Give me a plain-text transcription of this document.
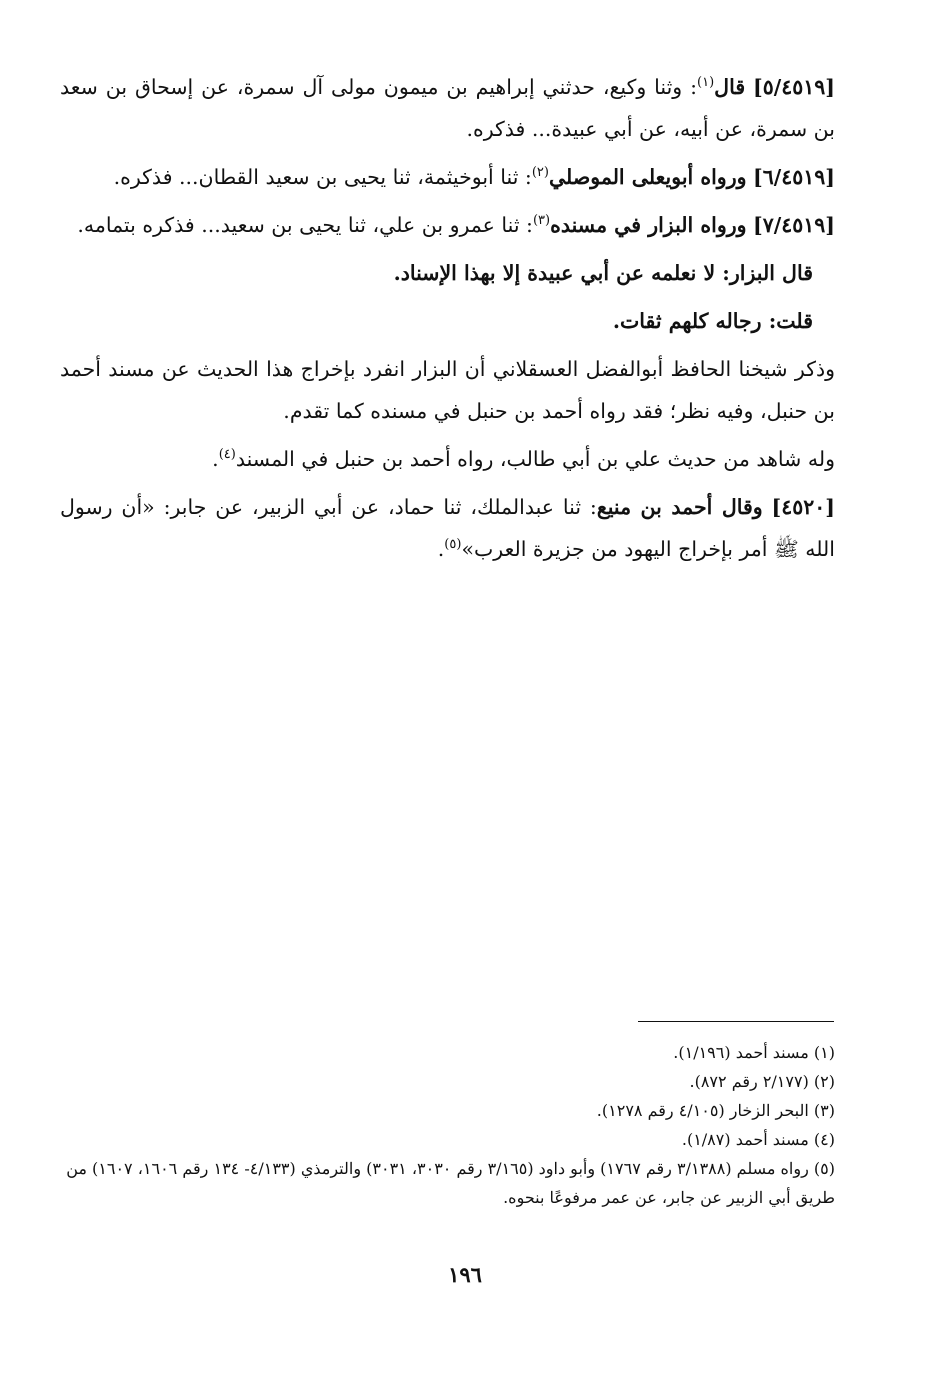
[٥/٤٥١٩] قال$^{(١)}$: وثنا وكيع، حدثني إبراهيم بن ميمون مولى آل سمرة، عن إسحاق بن سعد بن سمرة، عن أبيه، عن أبي عبيدة... فذكره.

[٦/٤٥١٩] ورواه أبويعلى الموصلي$^{(٢)}$: ثنا أبوخيثمة، ثنا يحيى بن سعيد القطان... فذكره.

[٧/٤٥١٩] ورواه البزار في مسنده$^{(٣)}$: ثنا عمرو بن علي، ثنا يحيى بن سعيد... فذكره بتمامه.

قال البزار: لا نعلمه عن أبي عبيدة إلا بهذا الإسناد.

قلت: رجاله كلهم ثقات.

وذكر شيخنا الحافظ أبوالفضل العسقلاني أن البزار انفرد بإخراج هذا الحديث عن مسند أحمد بن حنبل، وفيه نظر؛ فقد رواه أحمد بن حنبل في مسنده كما تقدم.

وله شاهد من حديث علي بن أبي طالب، رواه أحمد بن حنبل في المسند$^{(٤)}$.

[٤٥٢٠] وقال أحمد بن منيع: ثنا عبدالملك، ثنا حماد، عن أبي الزبير، عن جابر: «أن رسول الله ﷺ أمر بإخراج اليهود من جزيرة العرب»$^{(٥)}$.

(١) مسند أحمد (١/١٩٦).

(٢) (٢/١٧٧ رقم ٨٧٢).

(٣) البحر الزخار (٤/١٠٥ رقم ١٢٧٨).

(٤) مسند أحمد (١/٨٧).

(٥) رواه مسلم (٣/١٣٨٨ رقم ١٧٦٧) وأبو داود (٣/١٦٥ رقم ٣٠٣٠، ٣٠٣١) والترمذي (٤/١٣٣- ١٣٤ رقم ١٦٠٦، ١٦٠٧) من طريق أبي الزبير عن جابر، عن عمر مرفوعًا بنحوه.

١٩٦
